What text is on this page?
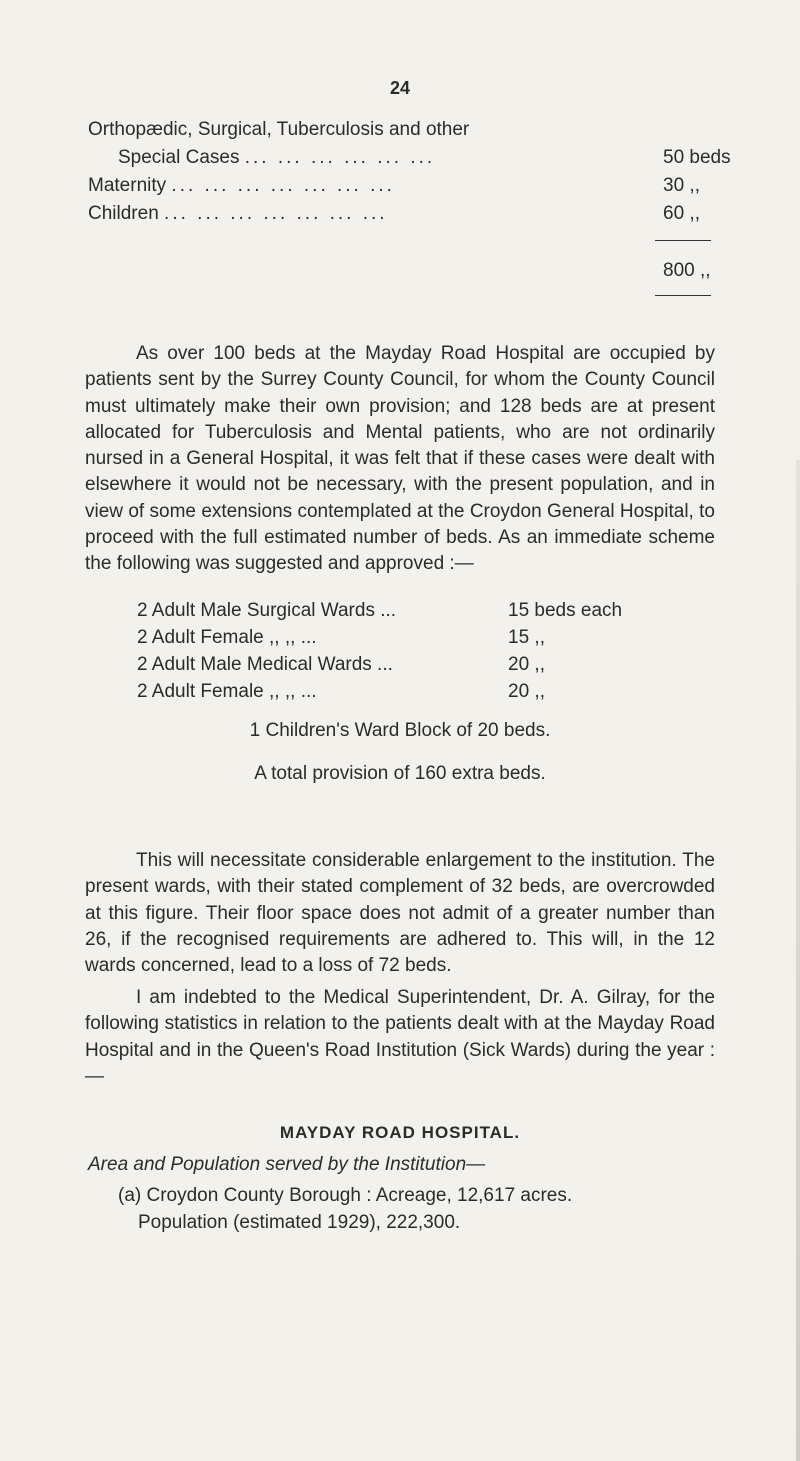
24
Orthopædic, Surgical, Tuberculosis and other
Special Cases ... ... ... ... ... ...	50 beds
Maternity ... ... ... ... ... ... ...	30 ,,
Children ... ... ... ... ... ... ...	60 ,,
800 ,,

As over 100 beds at the Mayday Road Hospital are occupied by patients sent by the Surrey County Council, for whom the County Council must ultimately make their own provision; and 128 beds are at present allocated for Tuberculosis and Mental patients, who are not ordinarily nursed in a General Hospital, it was felt that if these cases were dealt with elsewhere it would not be necessary, with the present population, and in view of some extensions contemplated at the Croydon General Hospital, to proceed with the full estimated number of beds. As an immediate scheme the following was suggested and approved :—

2 Adult Male Surgical Wards ...	15 beds each
2 Adult Female ,, ,, ...	15 ,,
2 Adult Male Medical Wards ...	20 ,,
2 Adult Female ,, ,, ...	20 ,,
1 Children's Ward Block of 20 beds.
A total provision of 160 extra beds.

This will necessitate considerable enlargement to the institution. The present wards, with their stated complement of 32 beds, are overcrowded at this figure. Their floor space does not admit of a greater number than 26, if the recognised requirements are adhered to. This will, in the 12 wards concerned, lead to a loss of 72 beds.

I am indebted to the Medical Superintendent, Dr. A. Gilray, for the following statistics in relation to the patients dealt with at the Mayday Road Hospital and in the Queen's Road Institution (Sick Wards) during the year :—

MAYDAY ROAD HOSPITAL.
Area and Population served by the Institution—
(a) Croydon County Borough : Acreage, 12,617 acres.
Population (estimated 1929), 222,300.
